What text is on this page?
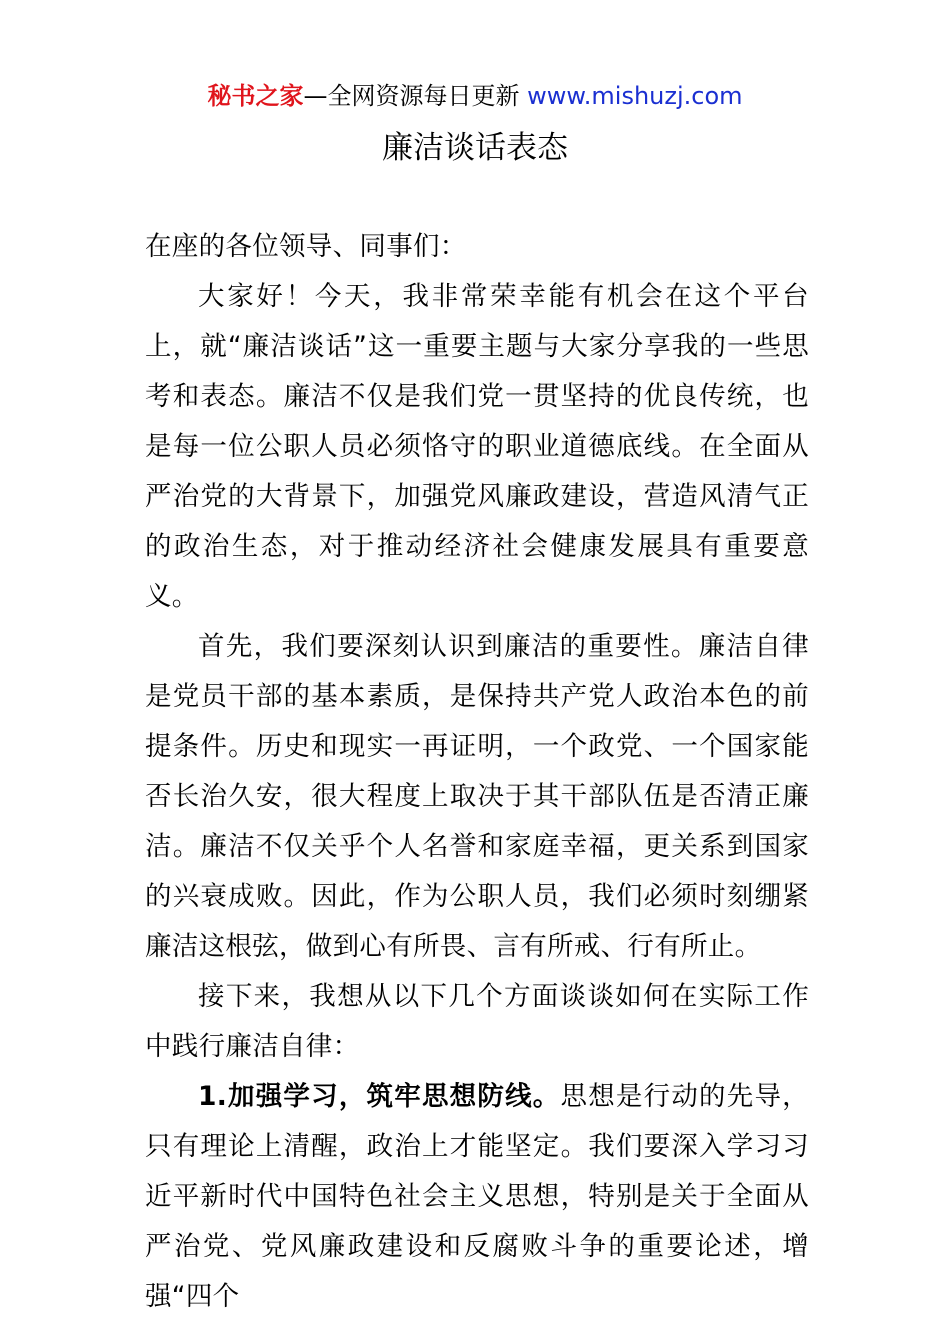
秘书之家—全网资源每日更新 www.mishuzj.com
廉洁谈话表态

在座的各位领导、同事们：

大家好！今天，我非常荣幸能有机会在这个平台上，就“廉洁谈话”这一重要主题与大家分享我的一些思考和表态。廉洁不仅是我们党一贯坚持的优良传统，也是每一位公职人员必须恪守的职业道德底线。在全面从严治党的大背景下，加强党风廉政建设，营造风清气正的政治生态，对于推动经济社会健康发展具有重要意义。

首先，我们要深刻认识到廉洁的重要性。廉洁自律是党员干部的基本素质，是保持共产党人政治本色的前提条件。历史和现实一再证明，一个政党、一个国家能否长治久安，很大程度上取决于其干部队伍是否清正廉洁。廉洁不仅关乎个人名誉和家庭幸福，更关系到国家的兴衰成败。因此，作为公职人员，我们必须时刻绷紧廉洁这根弦，做到心有所畏、言有所戒、行有所止。

接下来，我想从以下几个方面谈谈如何在实际工作中践行廉洁自律：

1.加强学习，筑牢思想防线。思想是行动的先导，只有理论上清醒，政治上才能坚定。我们要深入学习习近平新时代中国特色社会主义思想，特别是关于全面从严治党、党风廉政建设和反腐败斗争的重要论述，增强“四个
